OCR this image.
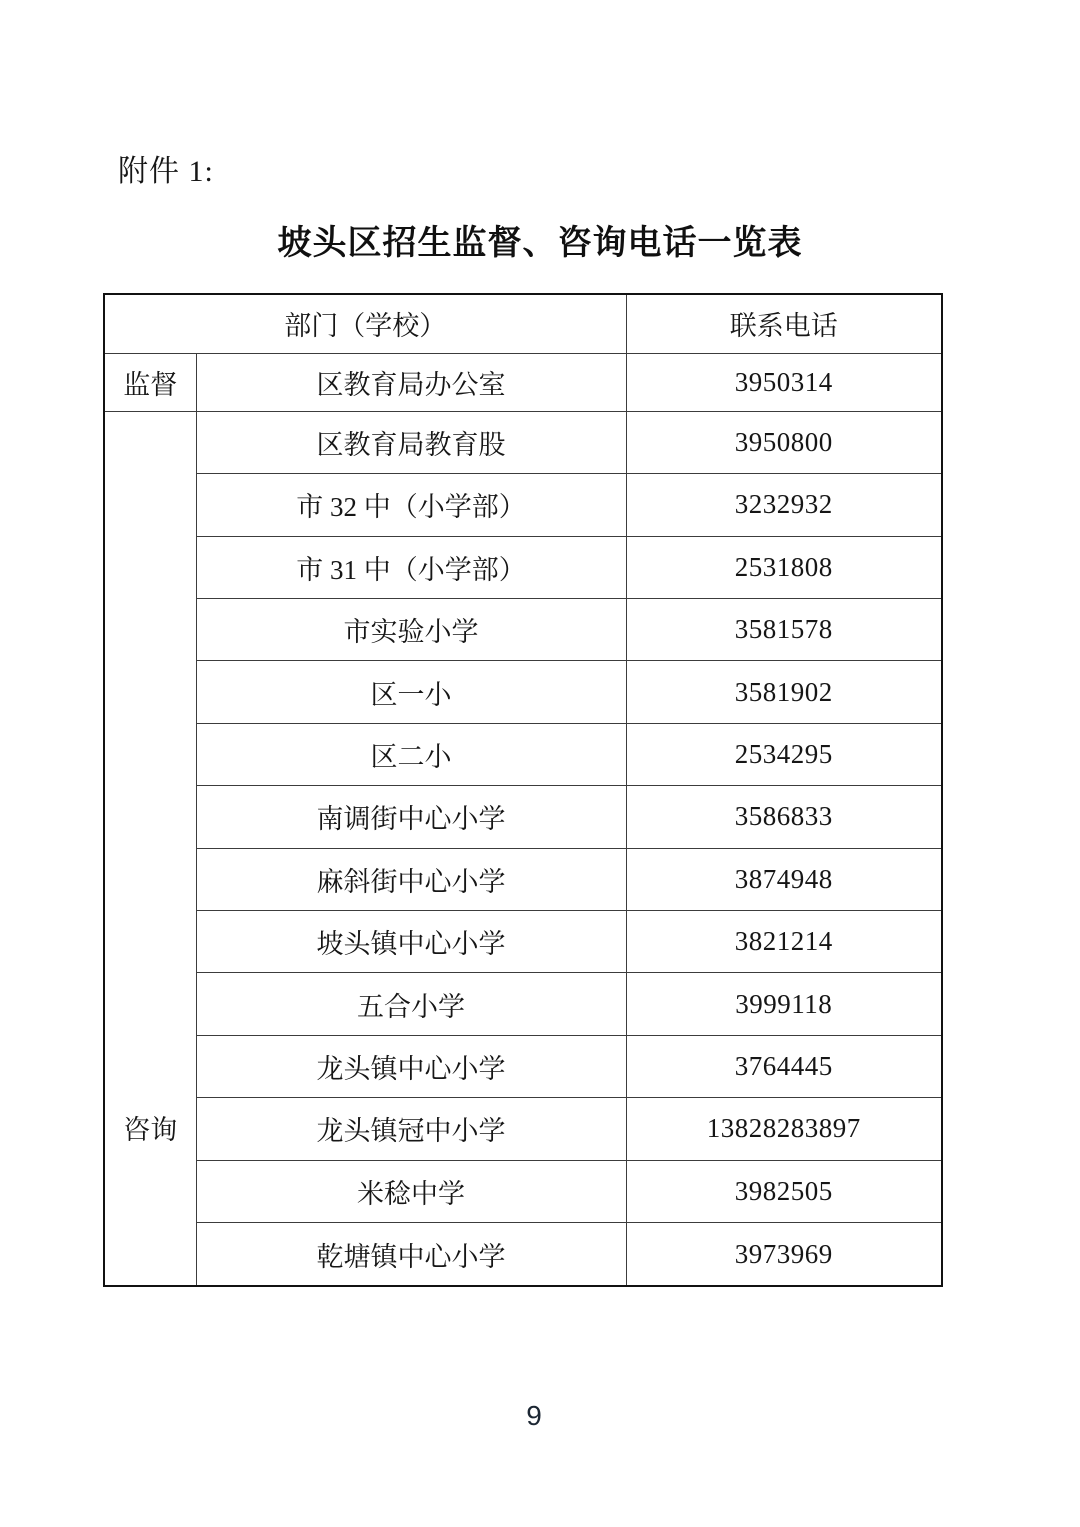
附件 1:
坡头区招生监督、咨询电话一览表
部门（学校）		联系电话
监督	区教育局办公室	3950314
咨询	区教育局教育股	3950800
	市 32 中（小学部）	3232932
	市 31 中（小学部）	2531808
	市实验小学	3581578
	区一小	3581902
	区二小	2534295
	南调街中心小学	3586833
	麻斜街中心小学	3874948
	坡头镇中心小学	3821214
	五合小学	3999118
	龙头镇中心小学	3764445
	龙头镇冠中小学	13828283897
	米稔中学	3982505
	乾塘镇中心小学	3973969
9
